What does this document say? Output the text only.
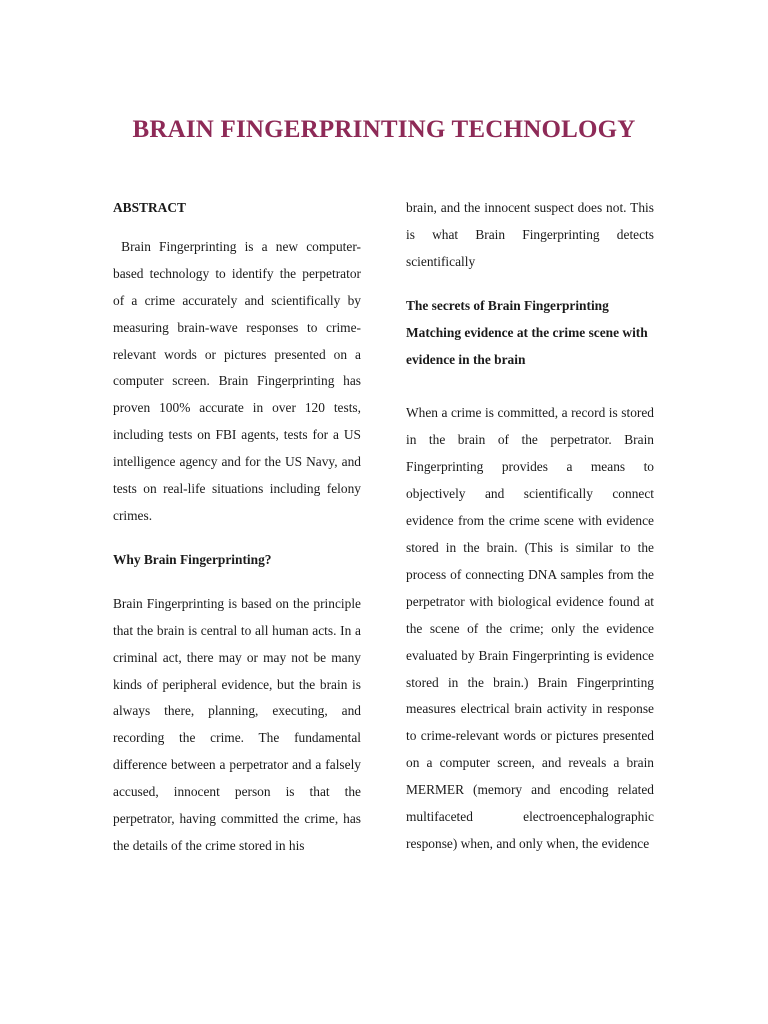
BRAIN FINGERPRINTING TECHNOLOGY
ABSTRACT

Brain Fingerprinting is a new computer-based technology to identify the perpetrator of a crime accurately and scientifically by measuring brain-wave responses to crime-relevant words or pictures presented on a computer screen. Brain Fingerprinting has proven 100% accurate in over 120 tests, including tests on FBI agents, tests for a US intelligence agency and for the US Navy, and tests on real-life situations including felony crimes.

Why Brain Fingerprinting?

Brain Fingerprinting is based on the principle that the brain is central to all human acts. In a criminal act, there may or may not be many kinds of peripheral evidence, but the brain is always there, planning, executing, and recording the crime. The fundamental difference between a perpetrator and a falsely accused, innocent person is that the perpetrator, having committed the crime, has the details of the crime stored in his

brain, and the innocent suspect does not. This is what Brain Fingerprinting detects scientifically

The secrets of Brain Fingerprinting Matching evidence at the crime scene with evidence in the brain

When a crime is committed, a record is stored in the brain of the perpetrator. Brain Fingerprinting provides a means to objectively and scientifically connect evidence from the crime scene with evidence stored in the brain. (This is similar to the process of connecting DNA samples from the perpetrator with biological evidence found at the scene of the crime; only the evidence evaluated by Brain Fingerprinting is evidence stored in the brain.) Brain Fingerprinting measures electrical brain activity in response to crime-relevant words or pictures presented on a computer screen, and reveals a brain MERMER (memory and encoding related multifaceted electroencephalographic response) when, and only when, the evidence
